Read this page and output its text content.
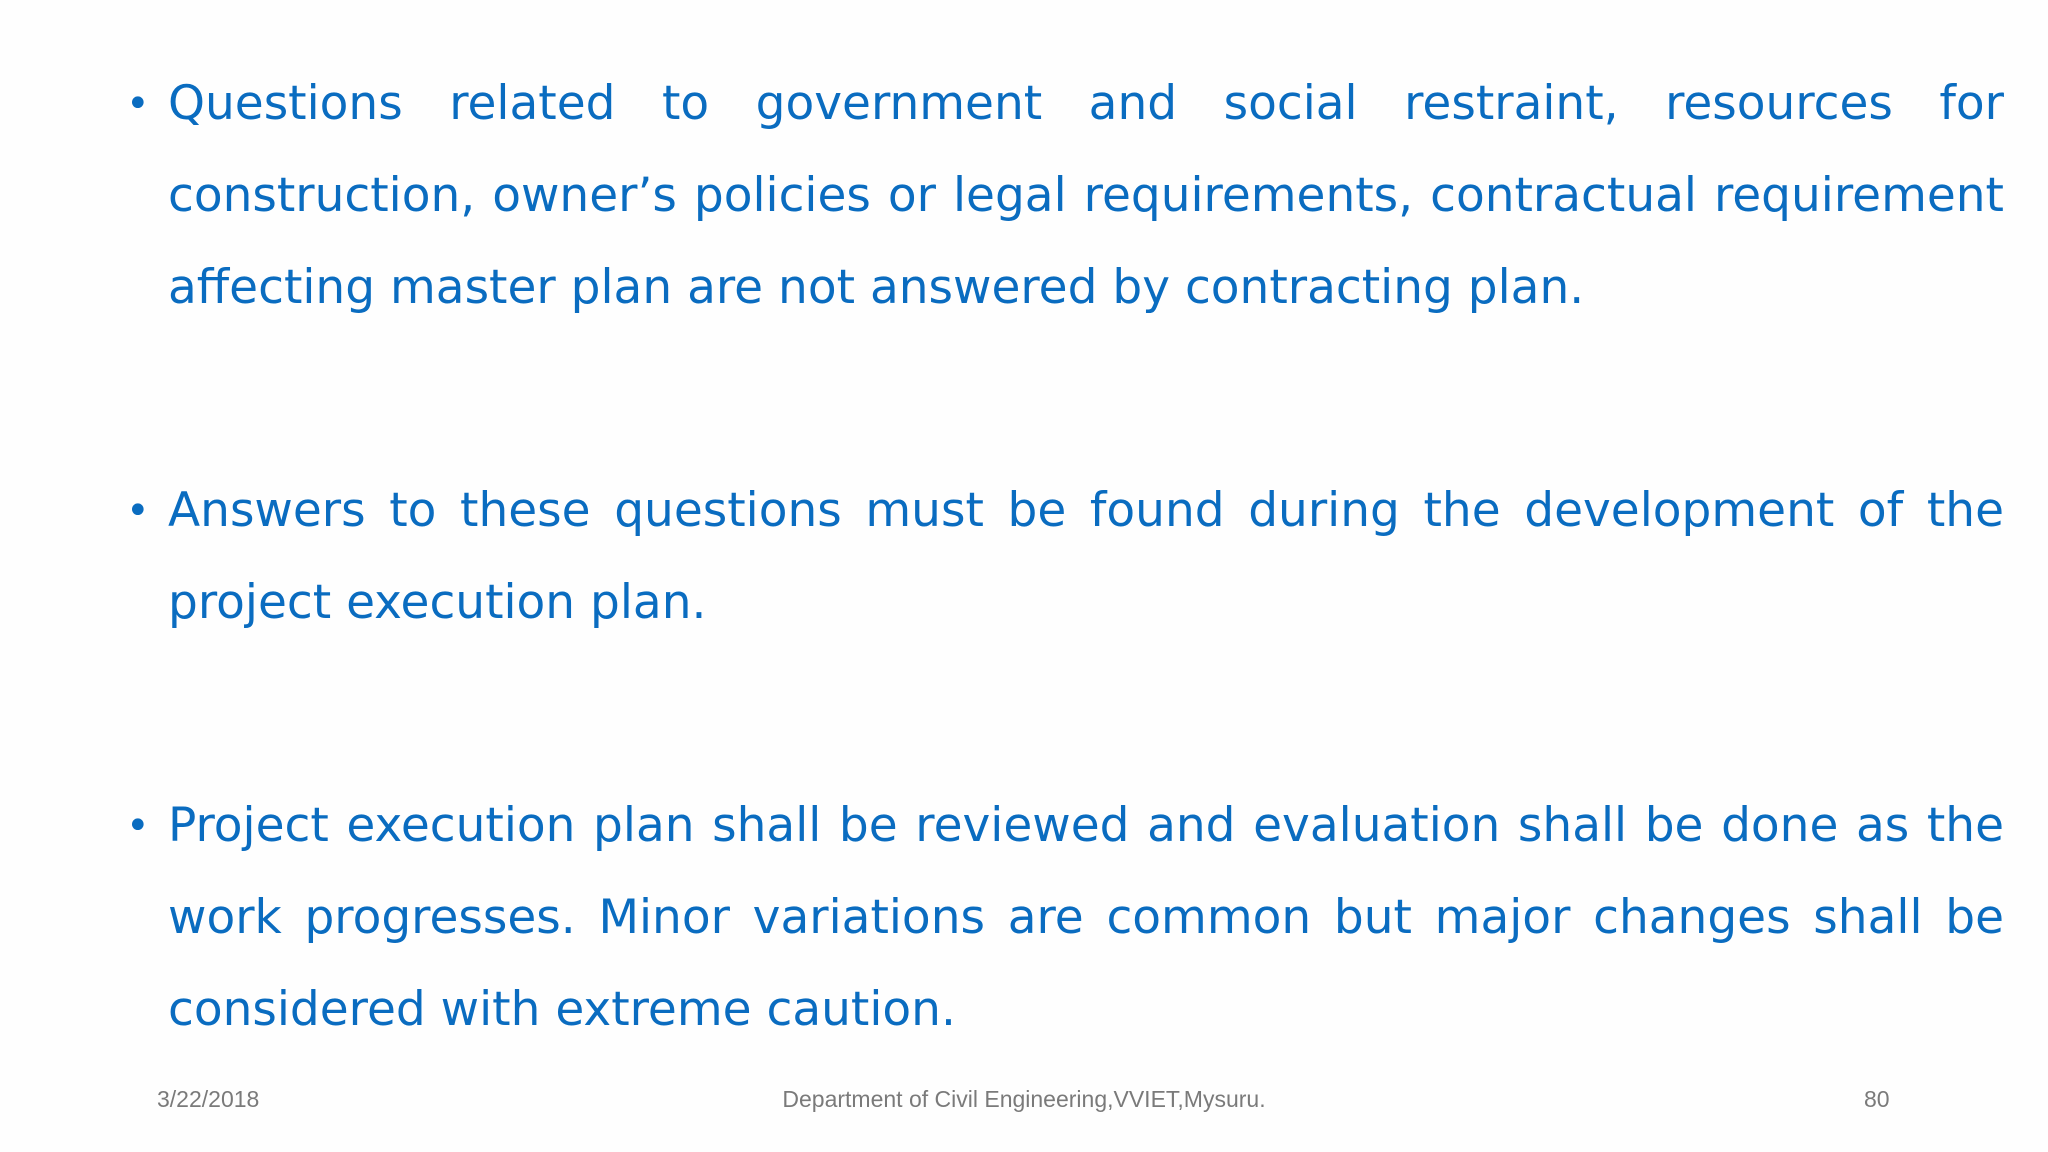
• Questions related to government and social restraint, resources for construction, owner’s policies or legal requirements, contractual requirement affecting master plan are not answered by contracting plan.
• Answers to these questions must be found during the development of the project execution plan.
• Project execution plan shall be reviewed and evaluation shall be done as the work progresses. Minor variations are common but major changes shall be considered with extreme caution.
3/22/2018	Department of Civil Engineering,VVIET,Mysuru.	80
